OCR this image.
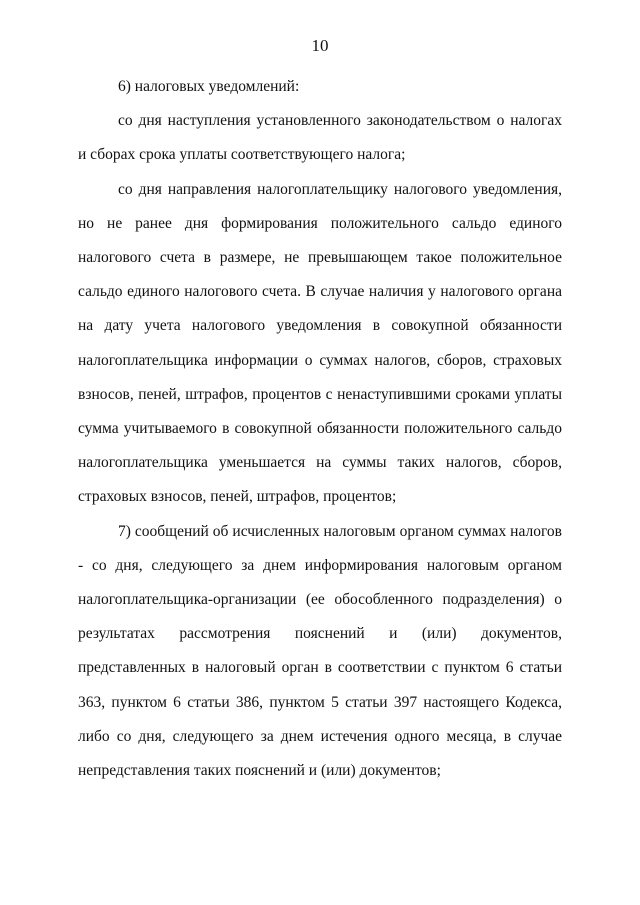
10

6) налоговых уведомлений:

со дня наступления установленного законодательством о налогах и сборах срока уплаты соответствующего налога;

со дня направления налогоплательщику налогового уведомления, но не ранее дня формирования положительного сальдо единого налогового счета в размере, не превышающем такое положительное сальдо единого налогового счета. В случае наличия у налогового органа на дату учета налогового уведомления в совокупной обязанности налогоплательщика информации о суммах налогов, сборов, страховых взносов, пеней, штрафов, процентов с ненаступившими сроками уплаты сумма учитываемого в совокупной обязанности положительного сальдо налогоплательщика уменьшается на суммы таких налогов, сборов, страховых взносов, пеней, штрафов, процентов;

7) сообщений об исчисленных налоговым органом суммах налогов - со дня, следующего за днем информирования налоговым органом налогоплательщика-организации (ее обособленного подразделения) о результатах рассмотрения пояснений и (или) документов, представленных в налоговый орган в соответствии с пунктом 6 статьи 363, пунктом 6 статьи 386, пунктом 5 статьи 397 настоящего Кодекса, либо со дня, следующего за днем истечения одного месяца, в случае непредставления таких пояснений и (или) документов;
